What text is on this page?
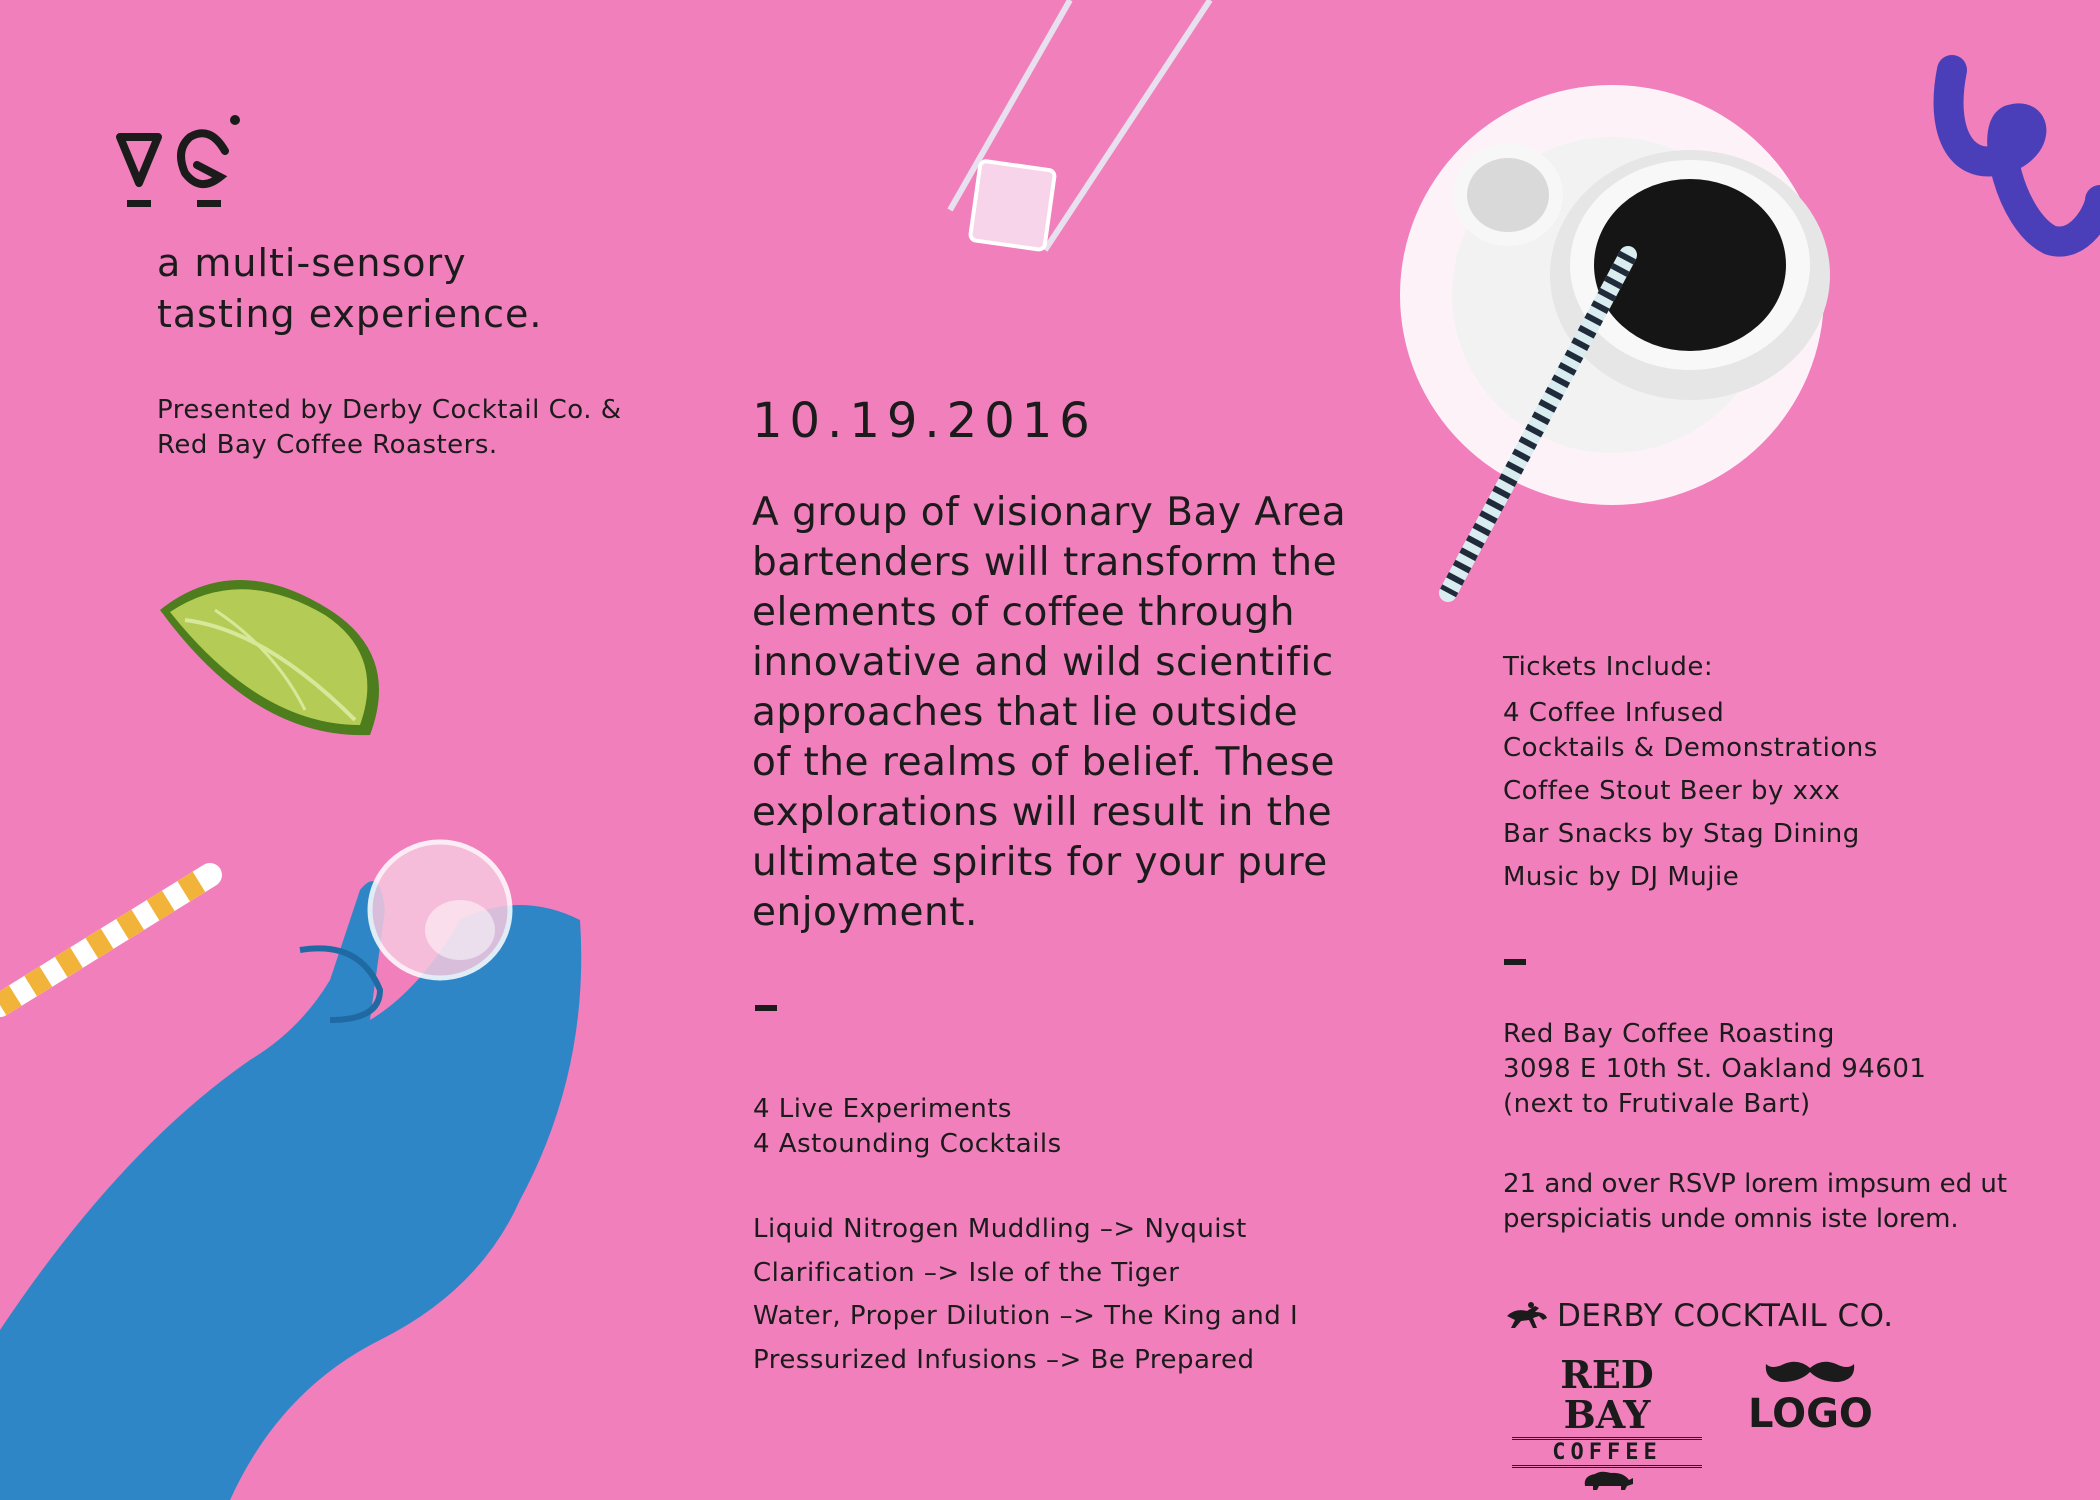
a multi-sensory
tasting experience.
Presented by Derby Cocktail Co. &
Red Bay Coffee Roasters.	10.19.2016

A group of visionary Bay Area
bartenders will transform the
elements of coffee through
innovative and wild scientific
approaches that lie outside
of the realms of belief. These
explorations will result in the
ultimate spirits for your pure
enjoyment.

4 Live Experiments
4 Astounding Cocktails
Liquid Nitrogen Muddling –> Nyquist
Clarification –> Isle of the Tiger
Water, Proper Dilution –> The King and I
Pressurized Infusions –> Be Prepared
Tickets Include:
4 Coffee Infused
Cocktails & Demonstrations
Coffee Stout Beer by xxx
Bar Snacks by Stag Dining
Music by DJ Mujie
Red Bay Coffee Roasting
3098 E 10th St. Oakland 94601
(next to Frutivale Bart)
21 and over RSVP lorem impsum ed ut
perspiciatis unde omnis iste lorem.
DERBY COCKTAIL CO.
RED BAY
COFFEE
LOGO
